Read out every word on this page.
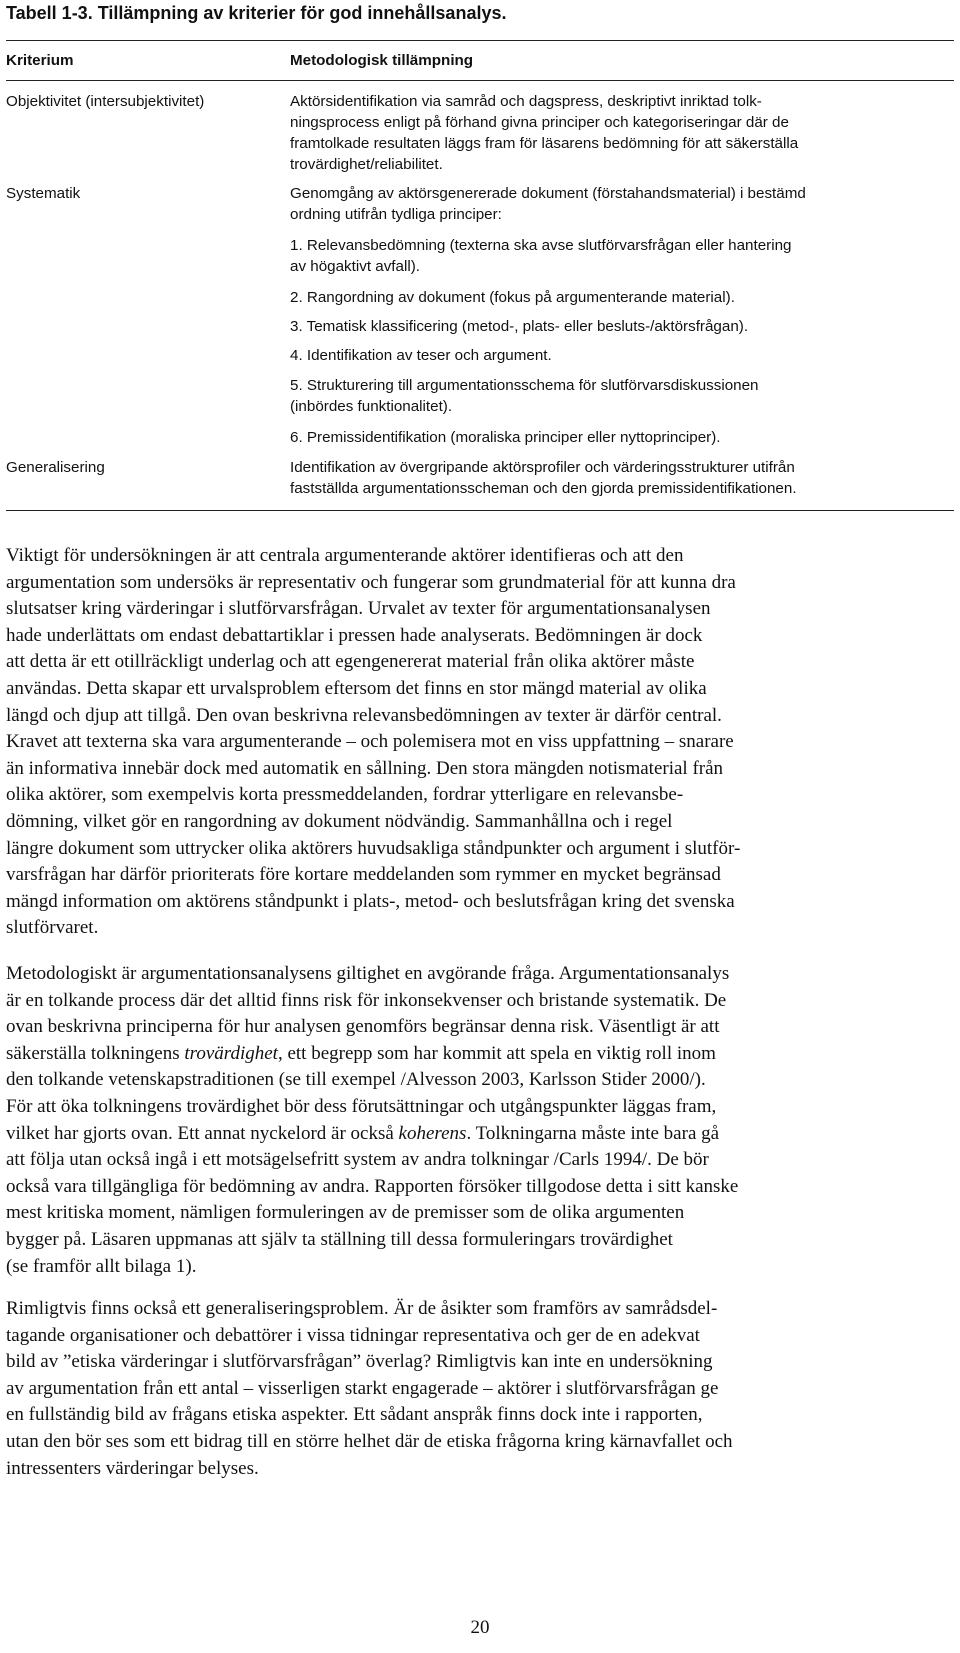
Tabell 1-3. Tillämpning av kriterier för god innehållsanalys.
Kriterium	Metodologisk tillämpning
Objektivitet (intersubjektivitet)	Aktörsidentifikation via samråd och dagspress, deskriptivt inriktad tolk-

ningsprocess enligt på förhand givna principer och kategoriseringar där de

framtolkade resultaten läggs fram för läsarens bedömning för att säkerställa

trovärdighet/reliabilitet.

Systematik	Genomgång av aktörsgenererade dokument (förstahandsmaterial) i bestämd

ordning utifrån tydliga principer:

1. Relevansbedömning (texterna ska avse slutförvarsfrågan eller hantering

av högaktivt avfall).

2. Rangordning av dokument (fokus på argumenterande material).

3. Tematisk klassificering (metod-, plats- eller besluts-/aktörsfrågan).

4. Identifikation av teser och argument.

5. Strukturering till argumentationsschema för slutförvarsdiskussionen

(inbördes funktionalitet).

6. Premissidentifikation (moraliska principer eller nyttoprinciper).

Generalisering	Identifikation av övergripande aktörsprofiler och värderingsstrukturer utifrån

fastställda argumentationsscheman och den gjorda premissidentifikationen.

Viktigt för undersökningen är att centrala argumenterande aktörer identifieras och att den
argumentation som undersöks är representativ och fungerar som grundmaterial för att kunna dra
slutsatser kring värderingar i slutförvarsfrågan. Urvalet av texter för argumentationsanalysen
hade underlättats om endast debattartiklar i pressen hade analyserats. Bedömningen är dock
att detta är ett otillräckligt underlag och att egengenererat material från olika aktörer måste
användas. Detta skapar ett urvalsproblem eftersom det finns en stor mängd material av olika
längd och djup att tillgå. Den ovan beskrivna relevansbedömningen av texter är därför central.
Kravet att texterna ska vara argumenterande – och polemisera mot en viss uppfattning – snarare
än informativa innebär dock med automatik en sållning. Den stora mängden notismaterial från
olika aktörer, som exempelvis korta pressmeddelanden, fordrar ytterligare en relevansbe-
dömning, vilket gör en rangordning av dokument nödvändig. Sammanhållna och i regel
längre dokument som uttrycker olika aktörers huvudsakliga ståndpunkter och argument i slutför-
varsfrågan har därför prioriterats före kortare meddelanden som rymmer en mycket begränsad
mängd information om aktörens ståndpunkt i plats-, metod- och beslutsfrågan kring det svenska
slutförvaret.

Metodologiskt är argumentationsanalysens giltighet en avgörande fråga. Argumentationsanalys
är en tolkande process där det alltid finns risk för inkonsekvenser och bristande systematik. De
ovan beskrivna principerna för hur analysen genomförs begränsar denna risk. Väsentligt är att
säkerställa tolkningens trovärdighet, ett begrepp som har kommit att spela en viktig roll inom
den tolkande vetenskapstraditionen (se till exempel /Alvesson 2003, Karlsson Stider 2000/).
För att öka tolkningens trovärdighet bör dess förutsättningar och utgångspunkter läggas fram,
vilket har gjorts ovan. Ett annat nyckelord är också koherens. Tolkningarna måste inte bara gå
att följa utan också ingå i ett motsägelsefritt system av andra tolkningar /Carls 1994/. De bör
också vara tillgängliga för bedömning av andra. Rapporten försöker tillgodose detta i sitt kanske
mest kritiska moment, nämligen formuleringen av de premisser som de olika argumenten
bygger på. Läsaren uppmanas att själv ta ställning till dessa formuleringars trovärdighet
(se framför allt bilaga 1).

Rimligtvis finns också ett generaliseringsproblem. Är de åsikter som framförs av samrådsdel-
tagande organisationer och debattörer i vissa tidningar representativa och ger de en adekvat
bild av ”etiska värderingar i slutförvarsfrågan” överlag? Rimligtvis kan inte en undersökning
av argumentation från ett antal – visserligen starkt engagerade – aktörer i slutförvarsfrågan ge
en fullständig bild av frågans etiska aspekter. Ett sådant anspråk finns dock inte i rapporten,
utan den bör ses som ett bidrag till en större helhet där de etiska frågorna kring kärnavfallet och
intressenters värderingar belyses.

20
